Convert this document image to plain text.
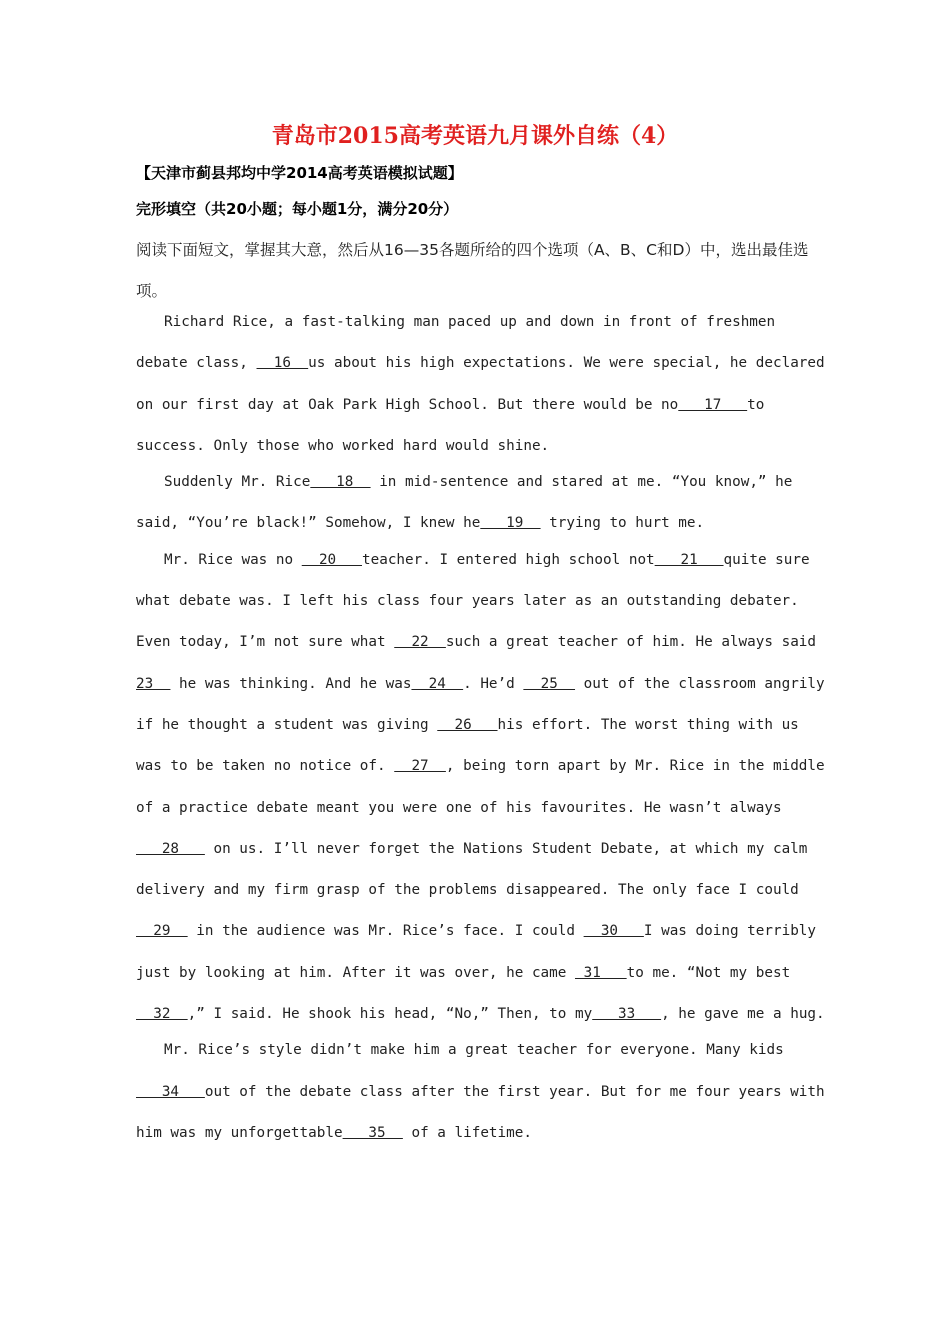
青岛市2015高考英语九月课外自练（4）
【天津市蓟县邦均中学2014高考英语模拟试题】
完形填空（共20小题；每小题1分，满分20分）
阅读下面短文，掌握其大意，然后从16—35各题所给的四个选项（A、B、C和D）中，选出最佳选项。

Richard Rice, a fast-talking man paced up and down in front of freshmen debate class,   16  us about his high expectations. We were special, he declared on our first day at Oak Park High School. But there would be no   17   to success. Only those who worked hard would shine.

Suddenly Mr. Rice   18   in mid-sentence and stared at me. “You know,” he said, “You’re black!” Somehow, I knew he   19   trying to hurt me.

Mr. Rice was no   20   teacher. I entered high school not   21   quite sure what debate was. I left his class four years later as an outstanding debater. Even today, I’m not sure what   22  such a great teacher of him. He always said 23   he was thinking. And he was  24  . He’d   25   out of the classroom angrily if he thought a student was giving   26   his effort. The worst thing with us was to be taken no notice of.   27  , being torn apart by Mr. Rice in the middle of a practice debate meant you were one of his favourites. He wasn’t always   28    on us. I’ll never forget the Nations Student Debate, at which my calm delivery and my firm grasp of the problems disappeared. The only face I could   29   in the audience was Mr. Rice’s face. I could   30   I was doing terribly just by looking at him. After it was over, he came  31   to me. “Not my best   32  ,” I said. He shook his head, “No,” Then, to my   33   , he gave me a hug.

Mr. Rice’s style didn’t make him a great teacher for everyone. Many kids   34   out of the debate class after the first year. But for me four years with him was my unforgettable   35   of a lifetime.
